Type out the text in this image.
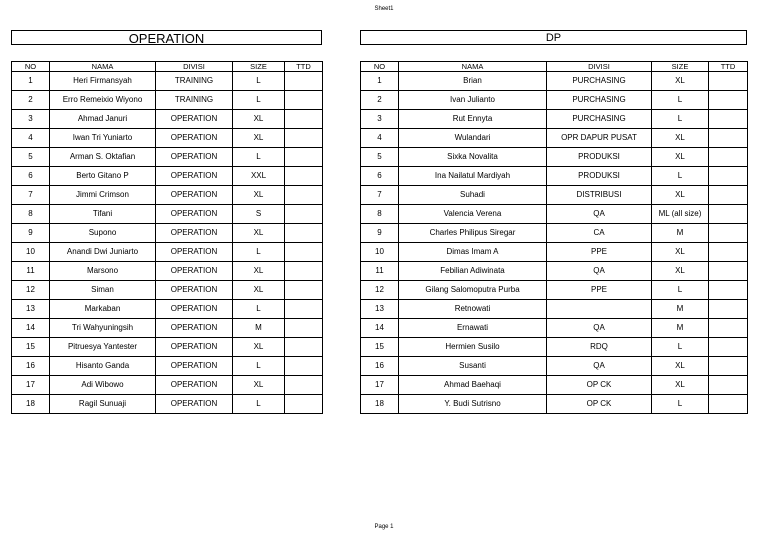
Sheet1
OPERATION
NO	NAMA	DIVISI	SIZE	TTD
1	Heri Firmansyah	TRAINING	L	
2	Erro Remeixio Wiyono	TRAINING	L	
3	Ahmad Januri	OPERATION	XL	
4	Iwan Tri Yuniarto	OPERATION	XL	
5	Arman S. Oktafian	OPERATION	L	
6	Berto Gitano P	OPERATION	XXL	
7	Jimmi Crimson	OPERATION	XL	
8	Tifani	OPERATION	S	
9	Supono	OPERATION	XL	
10	Anandi Dwi Juniarto	OPERATION	L	
11	Marsono	OPERATION	XL	
12	Siman	OPERATION	XL	
13	Markaban	OPERATION	L	
14	Tri Wahyuningsih	OPERATION	M	
15	Pitruesya Yantester	OPERATION	XL	
16	Hisanto Ganda	OPERATION	L	
17	Adi Wibowo	OPERATION	XL	
18	Ragil Sunuaji	OPERATION	L	
DP
NO	NAMA	DIVISI	SIZE	TTD
1	Brian	PURCHASING	XL	
2	Ivan Julianto	PURCHASING	L	
3	Rut Ennyta	PURCHASING	L	
4	Wulandari	OPR DAPUR PUSAT	XL	
5	Sixka Novalita	PRODUKSI	XL	
6	Ina Nailatul Mardiyah	PRODUKSI	L	
7	Suhadi	DISTRIBUSI	XL	
8	Valencia Verena	QA	ML (all size)	
9	Charles Philipus Siregar	CA	M	
10	Dimas Imam A	PPE	XL	
11	Febilian Adiwinata	QA	XL	
12	Gilang Salomoputra Purba	PPE	L	
13	Retnowati		M	
14	Ernawati	QA	M	
15	Hermien Susilo	RDQ	L	
16	Susanti	QA	XL	
17	Ahmad Baehaqi	OP CK	XL	
18	Y. Budi Sutrisno	OP CK	L	
Page 1
